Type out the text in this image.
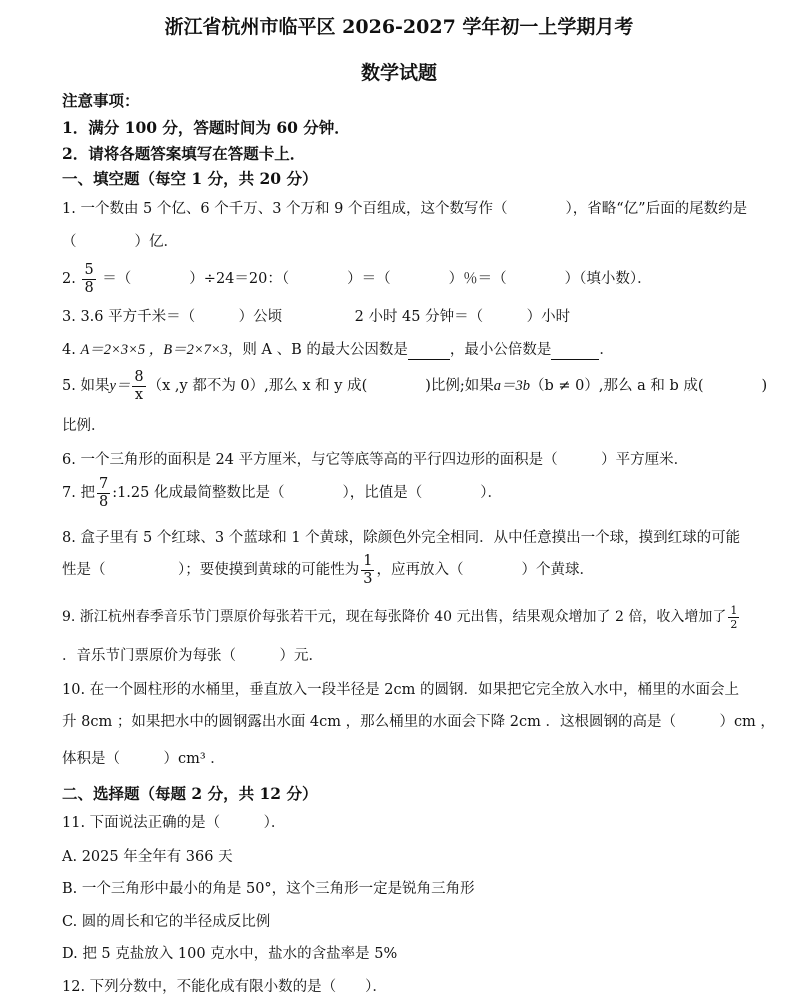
浙江省杭州市临平区 2026-2027 学年初一上学期月考
数学试题
注意事项：
1．满分 100 分，答题时间为 60 分钟．
2．请将各题答案填写在答题卡上．
一、填空题（每空 1 分，共 20 分）
1. 一个数由 5 个亿、6 个千万、3 个万和 9 个百组成，这个数写作（　　　　），省略“亿”后面的尾数约是
（　　　　）亿．
2. $\frac{5}{8}$ ＝（　　　　）÷24＝20：（　　　　）＝（　　　　）％＝（　　　　）（填小数）．
3. 3.6 平方千米＝（　　　）公顷　　　　　2 小时 45 分钟＝（　　　）小时
4. A＝2×3×5 ，B＝2×7×3，则 A 、B 的最大公因数是	，最小公倍数是	．
5. 如果$y= \frac{8}{x} (x$ ,y 都不为 0）,那么 x 和 y 成(　　　　)比例;如果a＝3b（b ≠ 0）,那么 a 和 b 成(　　　　)
比例．
6. 一个三角形的面积是 24 平方厘米，与它等底等高的平行四边形的面积是（　　　）平方厘米．
7. 把 $\frac{7}{8}$ :1.25 化成最简整数比是（　　　　），比值是（　　　　）．
8. 盒子里有 5 个红球、3 个蓝球和 1 个黄球，除颜色外完全相同．从中任意摸出一个球，摸到红球的可能
性是（　　　　　）；要使摸到黄球的可能性为 $\frac{1}{3}$ ，应再放入（　　　　）个黄球．
9. 浙江杭州春季音乐节门票原价每张若干元，现在每张降价 40 元出售，结果观众增加了 2 倍，收入增加了 $\frac{1}{2}$
．音乐节门票原价为每张（　　　）元．
10. 在一个圆柱形的水桶里，垂直放入一段半径是 2cm 的圆钢．如果把它完全放入水中，桶里的水面会上
升 8cm ；如果把水中的圆钢露出水面 4cm ，那么桶里的水面会下降 2cm ．这根圆钢的高是（　　　）cm ，
体积是（　　　）cm³ ．
二、选择题（每题 2 分，共 12 分）
11. 下面说法正确的是（　　　）．
A. 2025 年全年有 366 天
B. 一个三角形中最小的角是 50°，这个三角形一定是锐角三角形
C. 圆的周长和它的半径成反比例
D. 把 5 克盐放入 100 克水中，盐水的含盐率是 5%
12. 下列分数中，不能化成有限小数的是（　　）．
